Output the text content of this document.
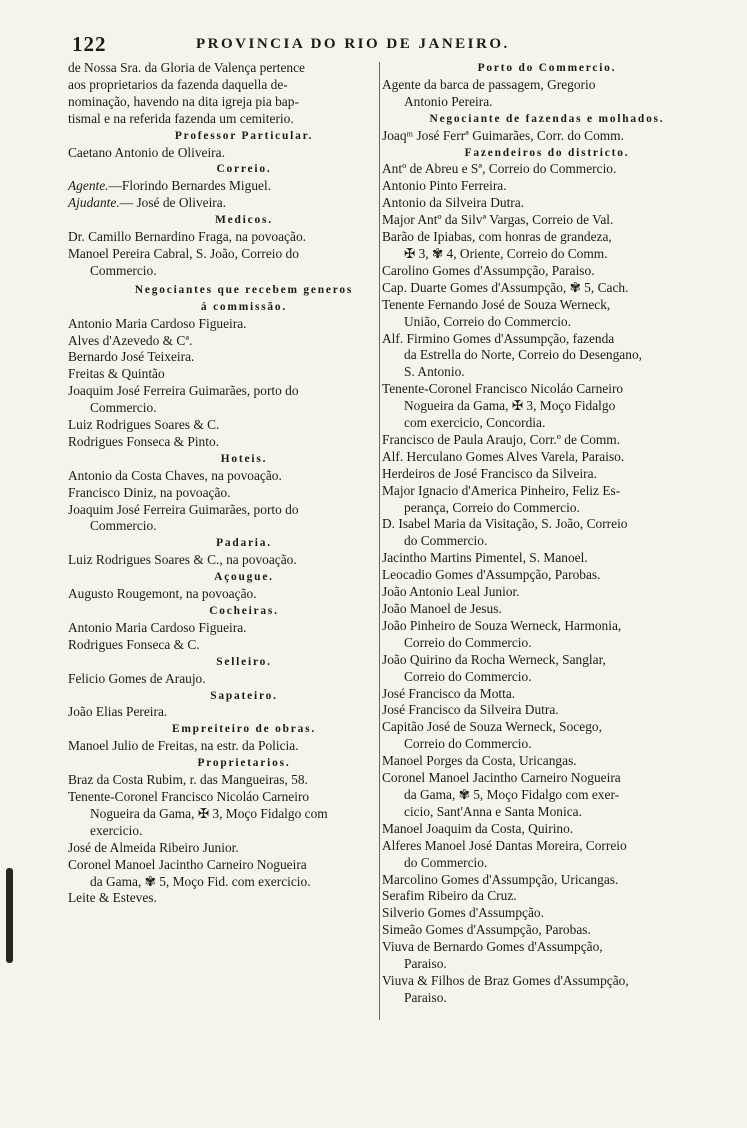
122	PROVINCIA DO RIO DE JANEIRO.
de Nossa Sra. da Gloria de Valença pertence
aos proprietarios da fazenda daquella de-
nominação, havendo na dita igreja pia bap-
tismal e na referida fazenda um cemiterio.

Professor Particular.

Caetano Antonio de Oliveira.

Correio.

Agente.—Florindo Bernardes Miguel.

Ajudante.— José de Oliveira.

Medicos.

Dr. Camillo Bernardino Fraga, na povoação.
Manoel Pereira Cabral, S. João, Correio do
Commercio.
Negociantes que recebem generos
á commissão.
Antonio Maria Cardoso Figueira.
Alves d'Azevedo & Cª.
Bernardo José Teixeira.
Freitas & Quintão
Joaquim José Ferreira Guimarães, porto do
Commercio.
Luiz Rodrigues Soares & C.
Rodrigues Fonseca & Pinto.

Hoteis.

Antonio da Costa Chaves, na povoação.
Francisco Diniz, na povoação.
Joaquim José Ferreira Guimarães, porto do
Commercio.

Padaria.

Luiz Rodrigues Soares & C., na povoação.

Açougue.

Augusto Rougemont, na povoação.

Cocheiras.

Antonio Maria Cardoso Figueira.
Rodrigues Fonseca & C.

Selleiro.

Felicio Gomes de Araujo.

Sapateiro.

João Elias Pereira.

Empreiteiro de obras.

Manoel Julio de Freitas, na estr. da Policia.

Proprietarios.

Braz da Costa Rubim, r. das Mangueiras, 58.
Tenente-Coronel Francisco Nicoláo Carneiro
Nogueira da Gama, ✠ 3, Moço Fidalgo com
exercicio.
José de Almeida Ribeiro Junior.
Coronel Manoel Jacintho Carneiro Nogueira
da Gama, ✾ 5, Moço Fid. com exercicio.
Leite & Esteves.

Porto do Commercio.

Agente da barca de passagem, Gregorio
Antonio Pereira.

Negociante de fazendas e molhados.

Joaqᵐ José Ferrª Guimarães, Corr. do Comm.

Fazendeiros do districto.

Antº de Abreu e Sª, Correio do Commercio.
Antonio Pinto Ferreira.
Antonio da Silveira Dutra.
Major Antº da Silvª Vargas, Correio de Val.
Barão de Ipiabas, com honras de grandeza,
✠ 3, ✾ 4, Oriente, Correio do Comm.
Carolino Gomes d'Assumpção, Paraiso.
Cap. Duarte Gomes d'Assumpção, ✾ 5, Cach.
Tenente Fernando José de Souza Werneck,
União, Correio do Commercio.
Alf. Firmino Gomes d'Assumpção, fazenda
da Estrella do Norte, Correio do Desengano,
S. Antonio.
Tenente-Coronel Francisco Nicoláo Carneiro
Nogueira da Gama, ✠ 3, Moço Fidalgo
com exercicio, Concordia.
Francisco de Paula Araujo, Corr.º de Comm.
Alf. Herculano Gomes Alves Varela, Paraiso.
Herdeiros de José Francisco da Silveira.
Major Ignacio d'America Pinheiro, Feliz Es-
perança, Correio do Commercio.
D. Isabel Maria da Visitação, S. João, Correio
do Commercio.
Jacintho Martins Pimentel, S. Manoel.
Leocadio Gomes d'Assumpção, Parobas.
João Antonio Leal Junior.
João Manoel de Jesus.
João Pinheiro de Souza Werneck, Harmonia,
Correio do Commercio.
João Quirino da Rocha Werneck, Sanglar,
Correio do Commercio.
José Francisco da Motta.
José Francisco da Silveira Dutra.
Capitão José de Souza Werneck, Socego,
Correio do Commercio.
Manoel Porges da Costa, Uricangas.
Coronel Manoel Jacintho Carneiro Nogueira
da Gama, ✾ 5, Moço Fidalgo com exer-
cicio, Sant'Anna e Santa Monica.
Manoel Joaquim da Costa, Quirino.
Alferes Manoel José Dantas Moreira, Correio
do Commercio.
Marcolino Gomes d'Assumpção, Uricangas.
Serafim Ribeiro da Cruz.
Silverio Gomes d'Assumpção.
Simeão Gomes d'Assumpção, Parobas.
Viuva de Bernardo Gomes d'Assumpção,
Paraiso.
Viuva & Filhos de Braz Gomes d'Assumpção,
Paraiso.
